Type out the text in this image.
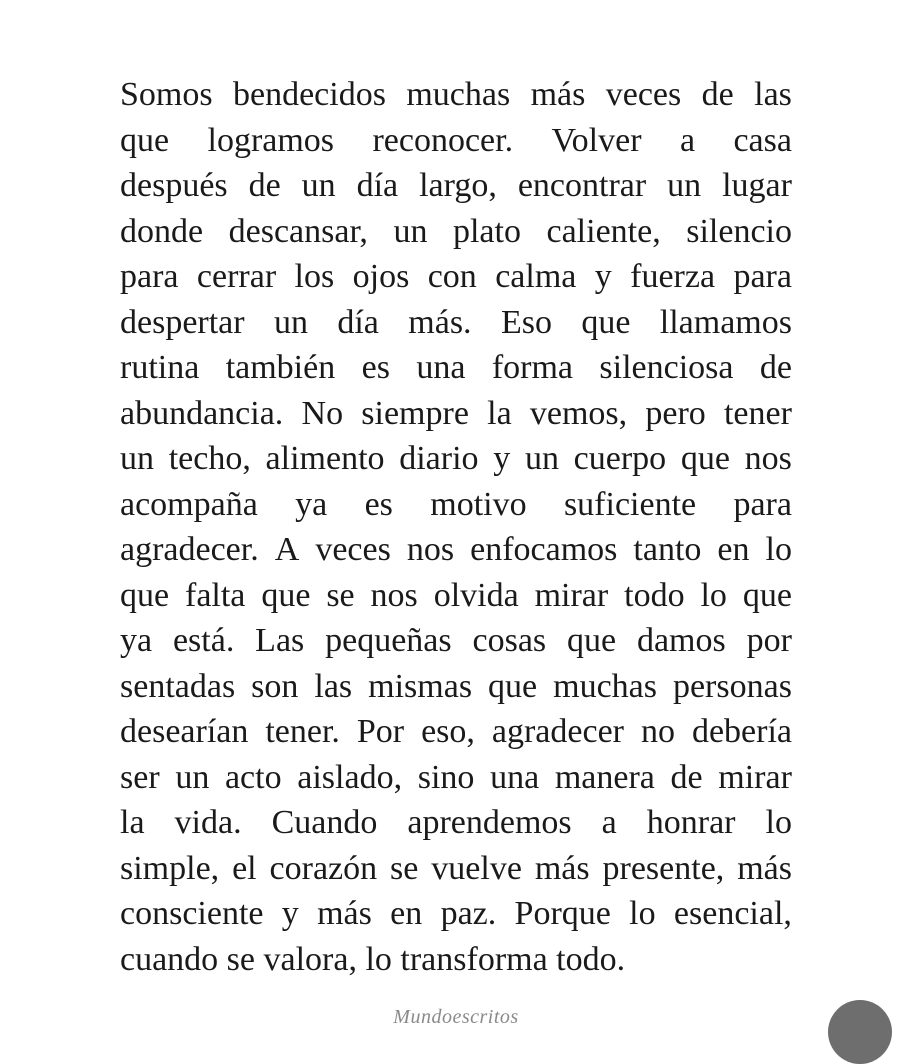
Somos bendecidos muchas más veces de las
que logramos reconocer. Volver a casa
después de un día largo, encontrar un lugar
donde descansar, un plato caliente, silencio
para cerrar los ojos con calma y fuerza para
despertar un día más. Eso que llamamos
rutina también es una forma silenciosa de
abundancia. No siempre la vemos, pero tener
un techo, alimento diario y un cuerpo que nos
acompaña ya es motivo suficiente para
agradecer. A veces nos enfocamos tanto en lo
que falta que se nos olvida mirar todo lo que
ya está. Las pequeñas cosas que damos por
sentadas son las mismas que muchas personas
desearían tener. Por eso, agradecer no debería
ser un acto aislado, sino una manera de mirar
la vida. Cuando aprendemos a honrar lo
simple, el corazón se vuelve más presente, más
consciente y más en paz. Porque lo esencial,
cuando se valora, lo transforma todo.
Mundoescritos
